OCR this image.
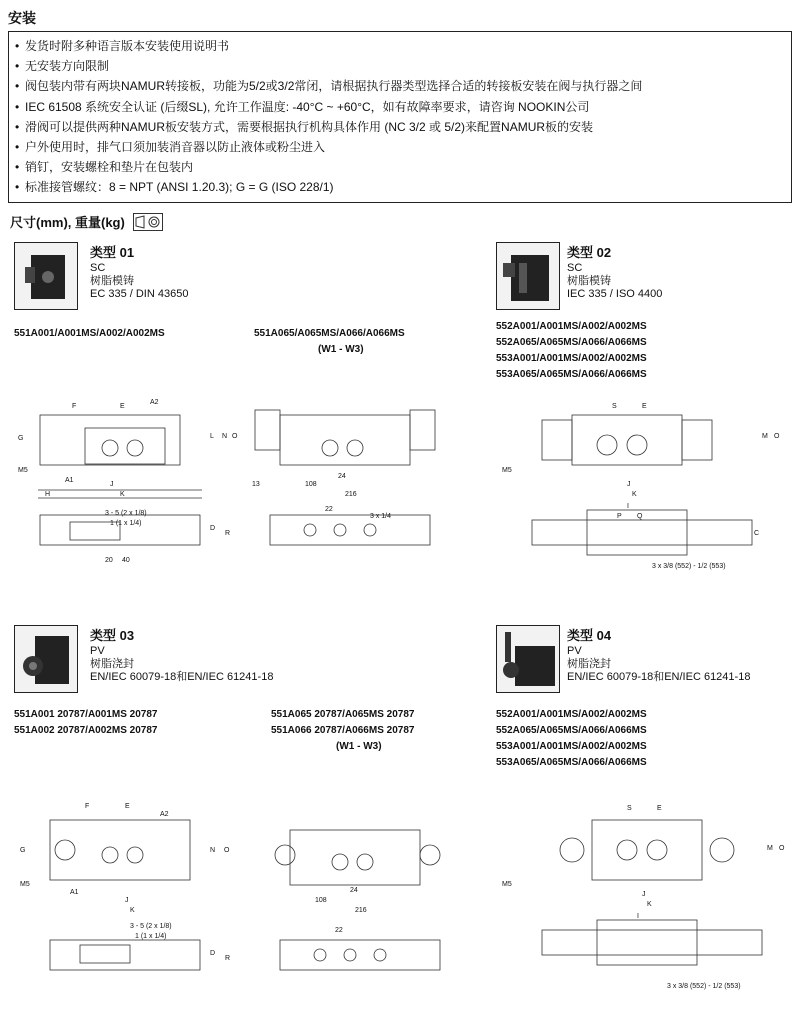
安装
• 发货时附多种语言版本安装使用说明书
• 无安装方向限制
• 阀包装内带有两块NAMUR转接板，功能为5/2或3/2常闭，请根据执行器类型选择合适的转接板安装在阀与执行器之间
• IEC 61508 系统安全认证 (后缀SL), 允许工作温度: -40°C ~ +60°C，如有故障率要求，请咨询 NOOKIN公司
• 滑阀可以提供两种NAMUR板安装方式，需要根据执行机构具体作用 (NC 3/2 或 5/2)来配置NAMUR板的安装
• 户外使用时，排气口须加装消音器以防止液体或粉尘进入
• 销钉，安装螺栓和垫片在包装内
• 标准接管螺纹：8 = NPT (ANSI 1.20.3); G = G (ISO 228/1)
尺寸(mm), 重量(kg)
类型 01
SC
树脂模铸
EC 335 / DIN 43650
551A001/A001MS/A002/A002MS	551A065/A065MS/A066/A066MS
(W1 - W3)
类型 02
SC
树脂模铸
IEC 335 / ISO 4400
552A001/A001MS/A002/A002MS
552A065/A065MS/A066/A066MS
553A001/A001MS/A002/A002MS
553A065/A065MS/A066/A066MS
类型 03
PV
树脂浇封
EN/IEC 60079-18和EN/IEC 61241-18
551A001 20787/A001MS 20787
551A002 20787/A002MS 20787
551A065 20787/A065MS 20787
551A066 20787/A066MS 20787
(W1 - W3)
类型 04
PV
树脂浇封
EN/IEC 60079-18和EN/IEC 61241-18
552A001/A001MS/A002/A002MS
552A065/A065MS/A066/A066MS
553A001/A001MS/A002/A002MS
553A065/A065MS/A066/A066MS
F	E
A2
G
M5
A1
J
K
H
L N O
3 - 5 (2 x 1/8)
1 (1 x 1/4)
D
R
20 40
108
216
13
24
22
3 x 1/4
S	E
M5
J
K
I
P Q
M O
C
3 x 3/8 (552) - 1/2 (553)
F	E
A2
G
M5
A1
J
K
N O
3 - 5 (2 x 1/8)
1 (1 x 1/4)
D
R
108
216
24
22
S	E
M5
J
K
I
M O
3 x 3/8 (552) - 1/2 (553)
